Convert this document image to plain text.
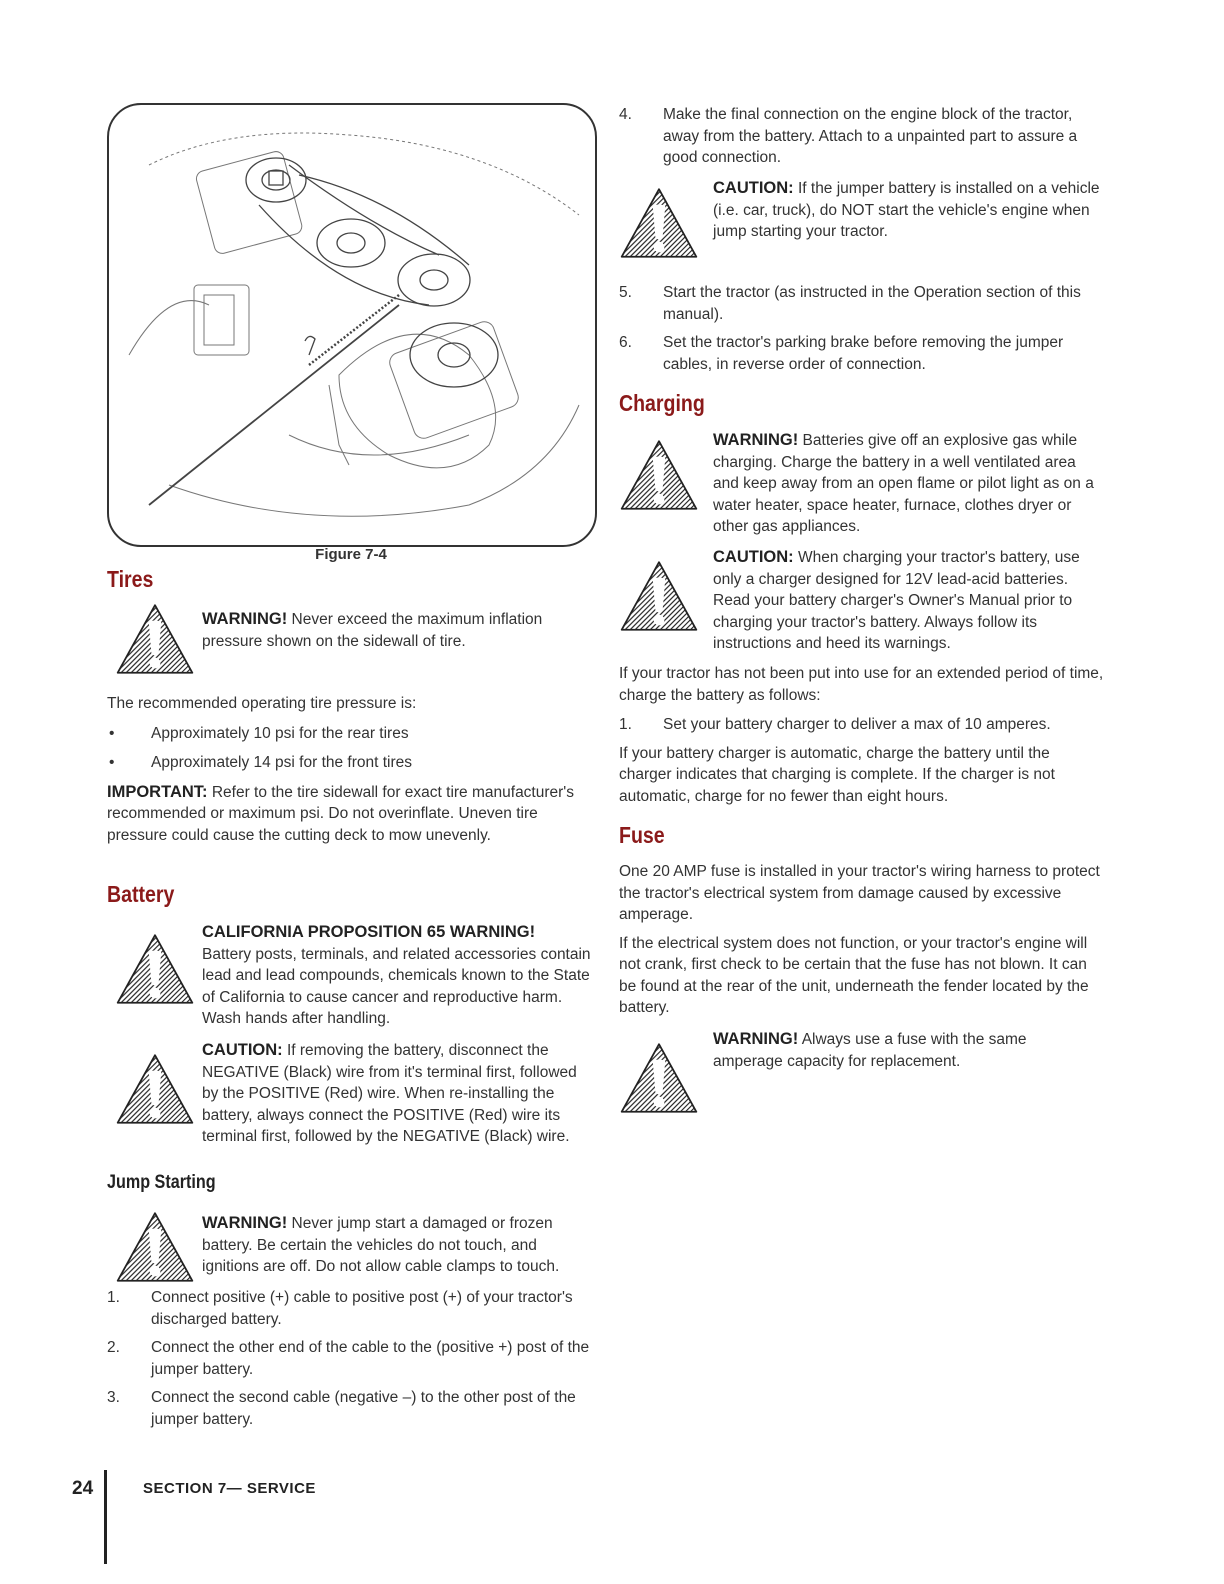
Figure 7-4
Tires
WARNING! Never exceed the maximum inflation pressure shown on the sidewall of tire.

The recommended operating tire pressure is:

• Approximately 10 psi for the rear tires
• Approximately 14 psi for the front tires

IMPORTANT: Refer to the tire sidewall for exact tire manufacturer's recommended or maximum psi. Do not overinflate. Uneven tire pressure could cause the cutting deck to mow unevenly.

Battery
CALIFORNIA PROPOSITION 65 WARNING!
Battery posts, terminals, and related accessories contain lead and lead compounds, chemicals known to the State of California to cause cancer and reproductive harm. Wash hands after handling.
CAUTION: If removing the battery, disconnect the NEGATIVE (Black) wire from it's terminal first, followed by the POSITIVE (Red) wire. When re-installing the battery, always connect the POSITIVE (Red) wire its terminal first, followed by the NEGATIVE (Black) wire.
Jump Starting
WARNING! Never jump start a damaged or frozen battery. Be certain the vehicles do not touch, and ignitions are off. Do not allow cable clamps to touch.
1. Connect positive (+) cable to positive post (+) of your tractor's discharged battery.
2. Connect the other end of the cable to the (positive +) post of the jumper battery.
3. Connect the second cable (negative –) to the other post of the jumper battery.
4. Make the final connection on the engine block of the tractor, away from the battery. Attach to a unpainted part to assure a good connection.
CAUTION: If the jumper battery is installed on a vehicle (i.e. car, truck), do NOT start the vehicle's engine when jump starting your tractor.
5. Start the tractor (as instructed in the Operation section of this manual).
6. Set the tractor's parking brake before removing the jumper cables, in reverse order of connection.
Charging
WARNING! Batteries give off an explosive gas while charging. Charge the battery in a well ventilated area and keep away from an open flame or pilot light as on a water heater, space heater, furnace, clothes dryer or other gas appliances.
CAUTION: When charging your tractor's battery, use only a charger designed for 12V lead-acid batteries. Read your battery charger's Owner's Manual prior to charging your tractor's battery. Always follow its instructions and heed its warnings.

If your tractor has not been put into use for an extended period of time, charge the battery as follows:

1. Set your battery charger to deliver a max of 10 amperes.

If your battery charger is automatic, charge the battery until the charger indicates that charging is complete. If the charger is not automatic, charge for no fewer than eight hours.

Fuse

One 20 AMP fuse is installed in your tractor's wiring harness to protect the tractor's electrical system from damage caused by excessive amperage.

If the electrical system does not function, or your tractor's engine will not crank, first check to be certain that the fuse has not blown. It can be found at the rear of the unit, underneath the fender located by the battery.

WARNING! Always use a fuse with the same amperage capacity for replacement.
24	SECTION 7— SERVICE
